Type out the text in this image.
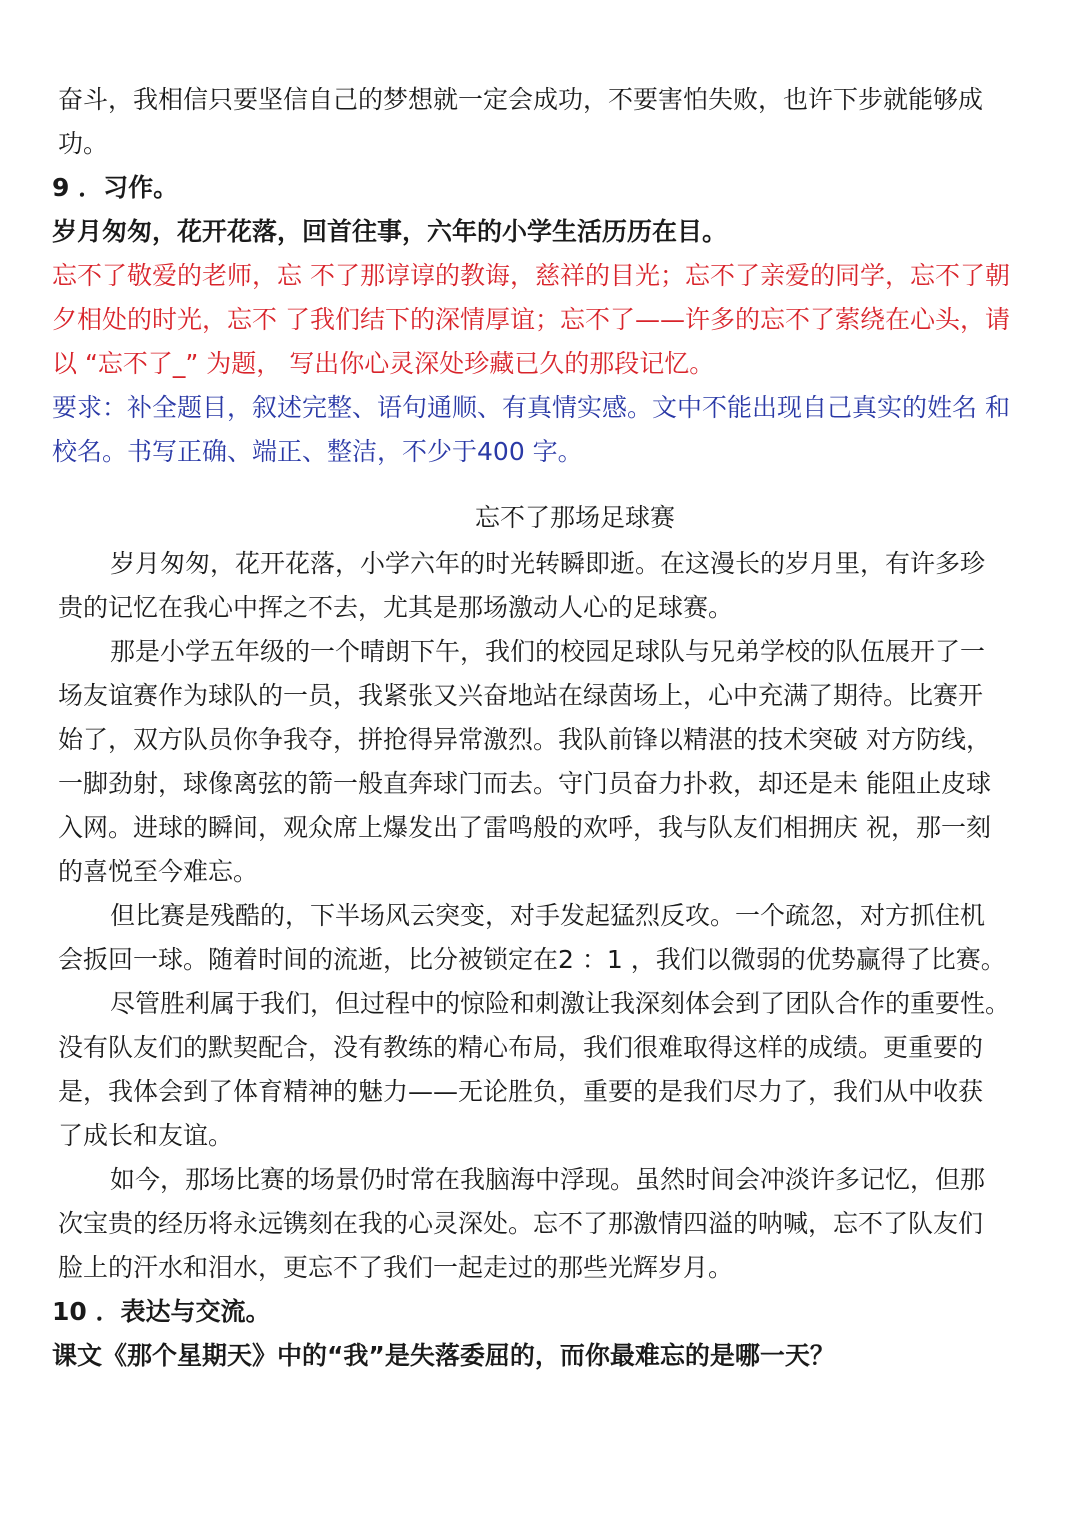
奋斗，我相信只要坚信自己的梦想就一定会成功，不要害怕失败，也许下步就能够成
功。
9 ．习作。
岁月匆匆，花开花落，回首往事，六年的小学生活历历在目。
忘不了敬爱的老师，忘 不了那谆谆的教诲，慈祥的目光；忘不了亲爱的同学，忘不了朝
夕相处的时光，忘不 了我们结下的深情厚谊；忘不了——许多的忘不了萦绕在心头，请
以 “忘不了_” 为题， 写出你心灵深处珍藏已久的那段记忆。
要求：补全题目，叙述完整、语句通顺、有真情实感。文中不能出现自己真实的姓名 和
校名。书写正确、端正、整洁，不少于400 字。
忘不了那场足球赛
岁月匆匆，花开花落，小学六年的时光转瞬即逝。在这漫长的岁月里，有许多珍
贵的记忆在我心中挥之不去，尤其是那场激动人心的足球赛。
那是小学五年级的一个晴朗下午，我们的校园足球队与兄弟学校的队伍展开了一
场友谊赛作为球队的一员，我紧张又兴奋地站在绿茵场上，心中充满了期待。比赛开
始了，双方队员你争我夺，拼抢得异常激烈。我队前锋以精湛的技术突破 对方防线，
一脚劲射，球像离弦的箭一般直奔球门而去。守门员奋力扑救，却还是未 能阻止皮球
入网。进球的瞬间，观众席上爆发出了雷鸣般的欢呼，我与队友们相拥庆 祝，那一刻
的喜悦至今难忘。
但比赛是残酷的，下半场风云突变，对手发起猛烈反攻。一个疏忽，对方抓住机
会扳回一球。随着时间的流逝，比分被锁定在2 ：1 ，我们以微弱的优势赢得了比赛。
尽管胜利属于我们，但过程中的惊险和刺激让我深刻体会到了团队合作的重要性。
没有队友们的默契配合，没有教练的精心布局，我们很难取得这样的成绩。更重要的
是，我体会到了体育精神的魅力——无论胜负，重要的是我们尽力了，我们从中收获
了成长和友谊。
如今，那场比赛的场景仍时常在我脑海中浮现。虽然时间会冲淡许多记忆，但那
次宝贵的经历将永远镌刻在我的心灵深处。忘不了那激情四溢的呐喊，忘不了队友们
脸上的汗水和泪水，更忘不了我们一起走过的那些光辉岁月。
10 ．表达与交流。
课文《那个星期天》中的“我”是失落委屈的，而你最难忘的是哪一天？
